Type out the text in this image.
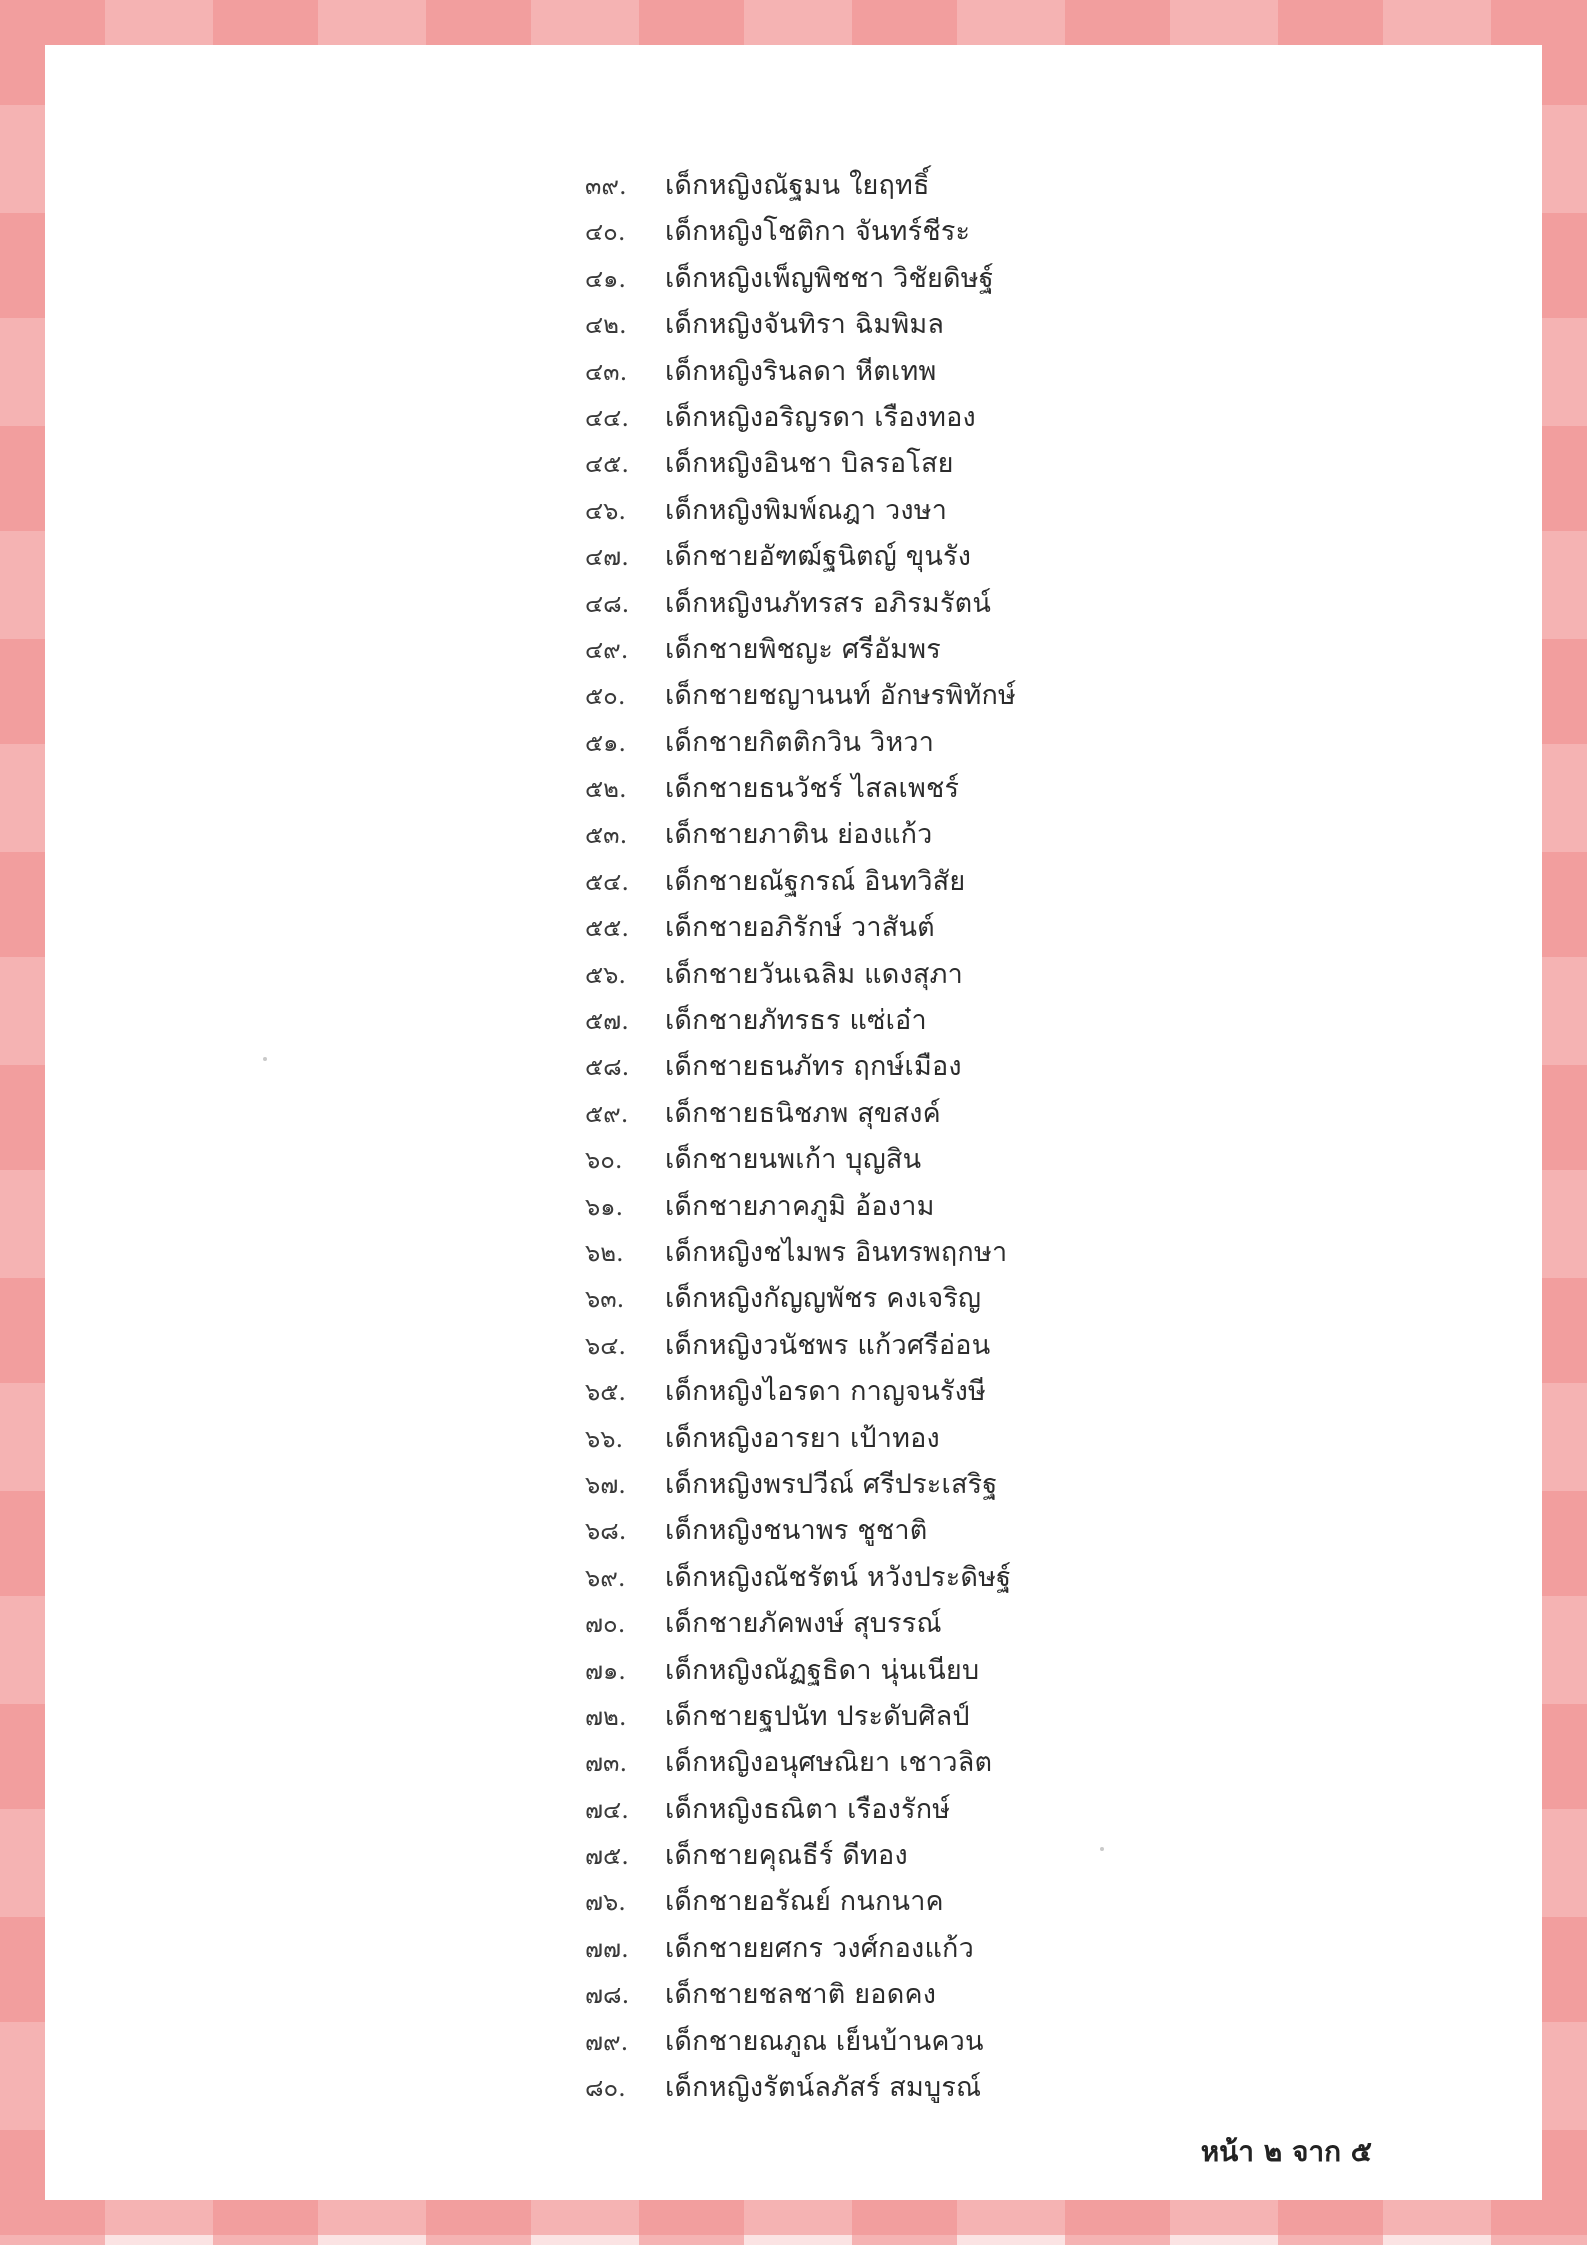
๓๙.	เด็กหญิงณัฐมน ใยฤทธิ์
๔๐.	เด็กหญิงโชติกา จันทร์ชีระ
๔๑.	เด็กหญิงเพ็ญพิชชา วิชัยดิษฐ์
๔๒.	เด็กหญิงจันทิรา ฉิมพิมล
๔๓.	เด็กหญิงรินลดา หีตเทพ
๔๔.	เด็กหญิงอริญรดา เรืองทอง
๔๕.	เด็กหญิงอินชา บิลรอโสย
๔๖.	เด็กหญิงพิมพ์ณฎา วงษา
๔๗.	เด็กชายอัฑฒ์ฐนิตญ์ ขุนรัง
๔๘.	เด็กหญิงนภัทรสร อภิรมรัตน์
๔๙.	เด็กชายพิชญะ ศรีอัมพร
๕๐.	เด็กชายชญานนท์ อักษรพิทักษ์
๕๑.	เด็กชายกิตติกวิน วิหวา
๕๒.	เด็กชายธนวัชร์ ไสลเพชร์
๕๓.	เด็กชายภาติน ย่องแก้ว
๕๔.	เด็กชายณัฐกรณ์ อินทวิสัย
๕๕.	เด็กชายอภิรักษ์ วาสันต์
๕๖.	เด็กชายวันเฉลิม แดงสุภา
๕๗.	เด็กชายภัทรธร แซ่เอ๋า
๕๘.	เด็กชายธนภัทร ฤกษ์เมือง
๕๙.	เด็กชายธนิชภพ สุขสงค์
๖๐.	เด็กชายนพเก้า บุญสิน
๖๑.	เด็กชายภาคภูมิ อ้องาม
๖๒.	เด็กหญิงชไมพร อินทรพฤกษา
๖๓.	เด็กหญิงกัญญพัชร คงเจริญ
๖๔.	เด็กหญิงวนัชพร แก้วศรีอ่อน
๖๕.	เด็กหญิงไอรดา กาญจนรังษี
๖๖.	เด็กหญิงอารยา เป้าทอง
๖๗.	เด็กหญิงพรปวีณ์ ศรีประเสริฐ
๖๘.	เด็กหญิงชนาพร ชูชาติ
๖๙.	เด็กหญิงณัชรัตน์ หวังประดิษฐ์
๗๐.	เด็กชายภัคพงษ์ สุบรรณ์
๗๑.	เด็กหญิงณัฏฐธิดา นุ่นเนียบ
๗๒.	เด็กชายฐปนัท ประดับศิลป์
๗๓.	เด็กหญิงอนุศษณิยา เชาวลิต
๗๔.	เด็กหญิงธณิตา เรืองรักษ์
๗๕.	เด็กชายคุณธีร์ ดีทอง
๗๖.	เด็กชายอรัณย์ กนกนาค
๗๗.	เด็กชายยศกร วงศ์กองแก้ว
๗๘.	เด็กชายชลชาติ ยอดคง
๗๙.	เด็กชายณภูณ เย็นบ้านควน
๘๐.	เด็กหญิงรัตน์ลภัสร์ สมบูรณ์
หน้า ๒ จาก ๕
